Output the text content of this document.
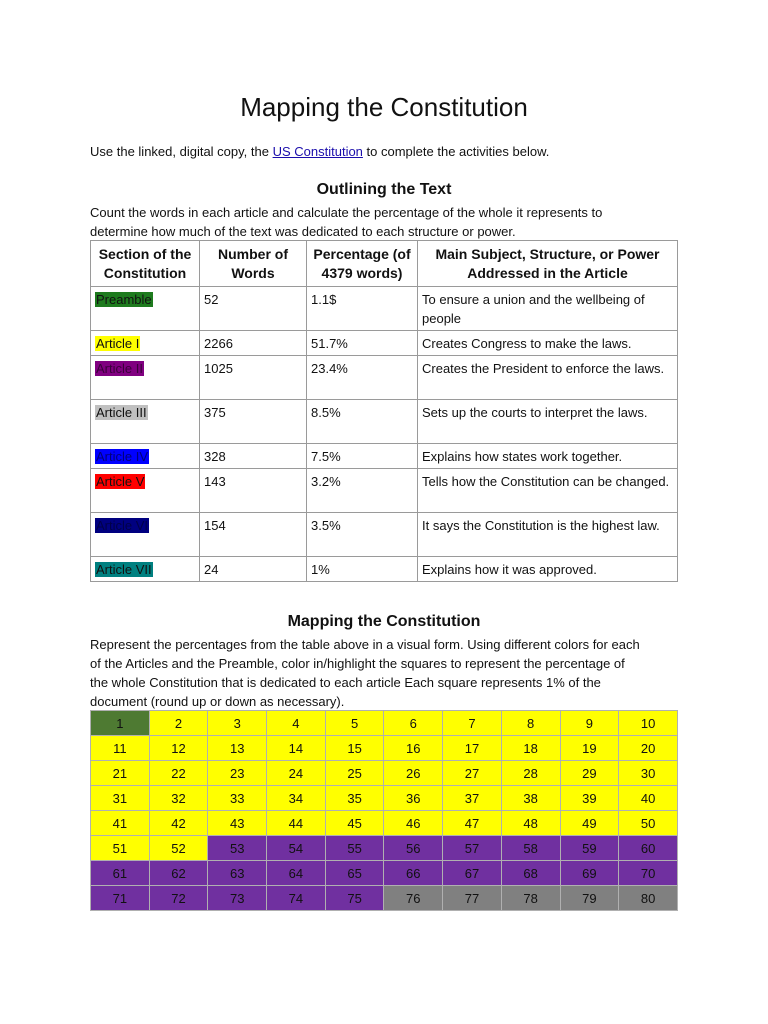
Mapping the Constitution
Use the linked, digital copy, the US Constitution to complete the activities below.
Outlining the Text

Count the words in each article and calculate the percentage of the whole it represents to

determine how much of the text was dedicated to each structure or power.

Section of the Constitution	Number of Words	Percentage (of 4379 words)	Main Subject, Structure, or Power Addressed in the Article
Preamble	52	1.1$	To ensure a union and the wellbeing of people
Article I	2266	51.7%	Creates Congress to make the laws.
Article II	1025	23.4%	Creates the President to enforce the laws.
Article III	375	8.5%	Sets up the courts to interpret the laws.
Article IV	328	7.5%	Explains how states work together.
Article V	143	3.2%	Tells how the Constitution can be changed.
Article VI	154	3.5%	It says the Constitution is the highest law.
Article VII	24	1%	Explains how it was approved.
Mapping the Constitution

Represent the percentages from the table above in a visual form. Using different colors for each

of the Articles and the Preamble, color in/highlight the squares to represent the percentage of

the whole Constitution that is dedicated to each article Each square represents 1% of the

document (round up or down as necessary).

1	2	3	4	5	6	7	8	9	10
11	12	13	14	15	16	17	18	19	20
21	22	23	24	25	26	27	28	29	30
31	32	33	34	35	36	37	38	39	40
41	42	43	44	45	46	47	48	49	50
51	52	53	54	55	56	57	58	59	60
61	62	63	64	65	66	67	68	69	70
71	72	73	74	75	76	77	78	79	80
